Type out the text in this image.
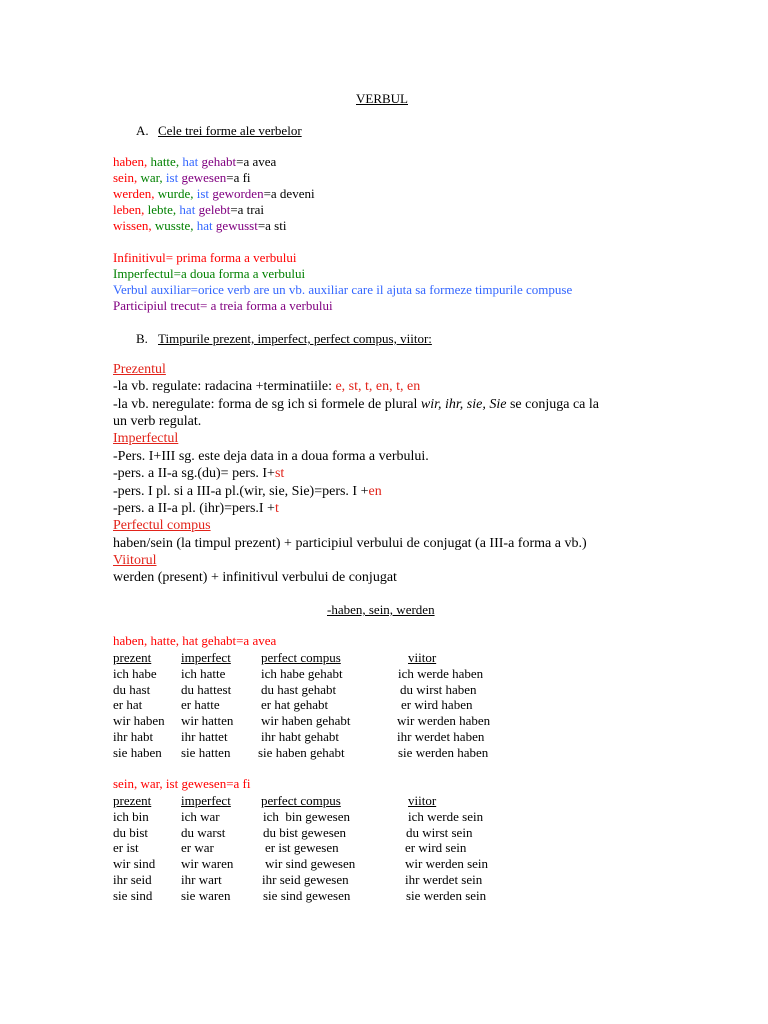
VERBUL
A. Cele trei forme ale verbelor
haben, hatte, hat gehabt=a avea
sein, war, ist gewesen=a fi
werden, wurde, ist geworden=a deveni
leben, lebte, hat gelebt=a trai
wissen, wusste, hat gewusst=a sti
Infinitivul= prima forma a verbului
Imperfectul=a doua forma a verbului
Verbul auxiliar=orice verb are un vb. auxiliar care il ajuta sa formeze timpurile compuse
Participiul trecut= a treia forma a verbului
B. Timpurile prezent, imperfect, perfect compus, viitor:
Prezentul
-la vb. regulate: radacina +terminatiile: e, st, t, en, t, en
-la vb. neregulate: forma de sg ich si formele de plural wir, ihr, sie, Sie se conjuga ca la
un verb regulat.
Imperfectul
-Pers. I+III sg. este deja data in a doua forma a verbului.
-pers. a II-a sg.(du)= pers. I+st
-pers. I pl. si a III-a pl.(wir, sie, Sie)=pers. I +en
-pers. a II-a pl. (ihr)=pers.I +t
Perfectul compus
haben/sein (la timpul prezent) + participiul verbului de conjugat (a III-a forma a vb.)
Viitorul
werden (present) + infinitivul verbului de conjugat
-haben, sein, werden
haben, hatte, hat gehabt=a avea
prezent imperfect perfect compus	viitor
ich habe ich hatte	ich habe gehabt	ich werde haben
du hast du hattest du hast gehabt	du wirst haben
er hat	er hatte	er hat gehabt	er wird haben
wir haben wir hatten wir haben gehabt	wir werden haben
ihr habt ihr hattet	ihr habt gehabt	ihr werdet haben
sie haben sie hatten sie haben gehabt	sie werden haben
sein, war, ist gewesen=a fi
prezent imperfect perfect compus	viitor
ich bin ich war	ich  bin gewesen	ich werde sein
du bist	du warst	du bist gewesen	du wirst sein
er ist	er war	er ist gewesen	er wird sein
wir sind wir waren wir sind gewesen	wir werden sein
ihr seid ihr wart	ihr seid gewesen	ihr werdet sein
sie sind sie waren	sie sind gewesen	sie werden sein
